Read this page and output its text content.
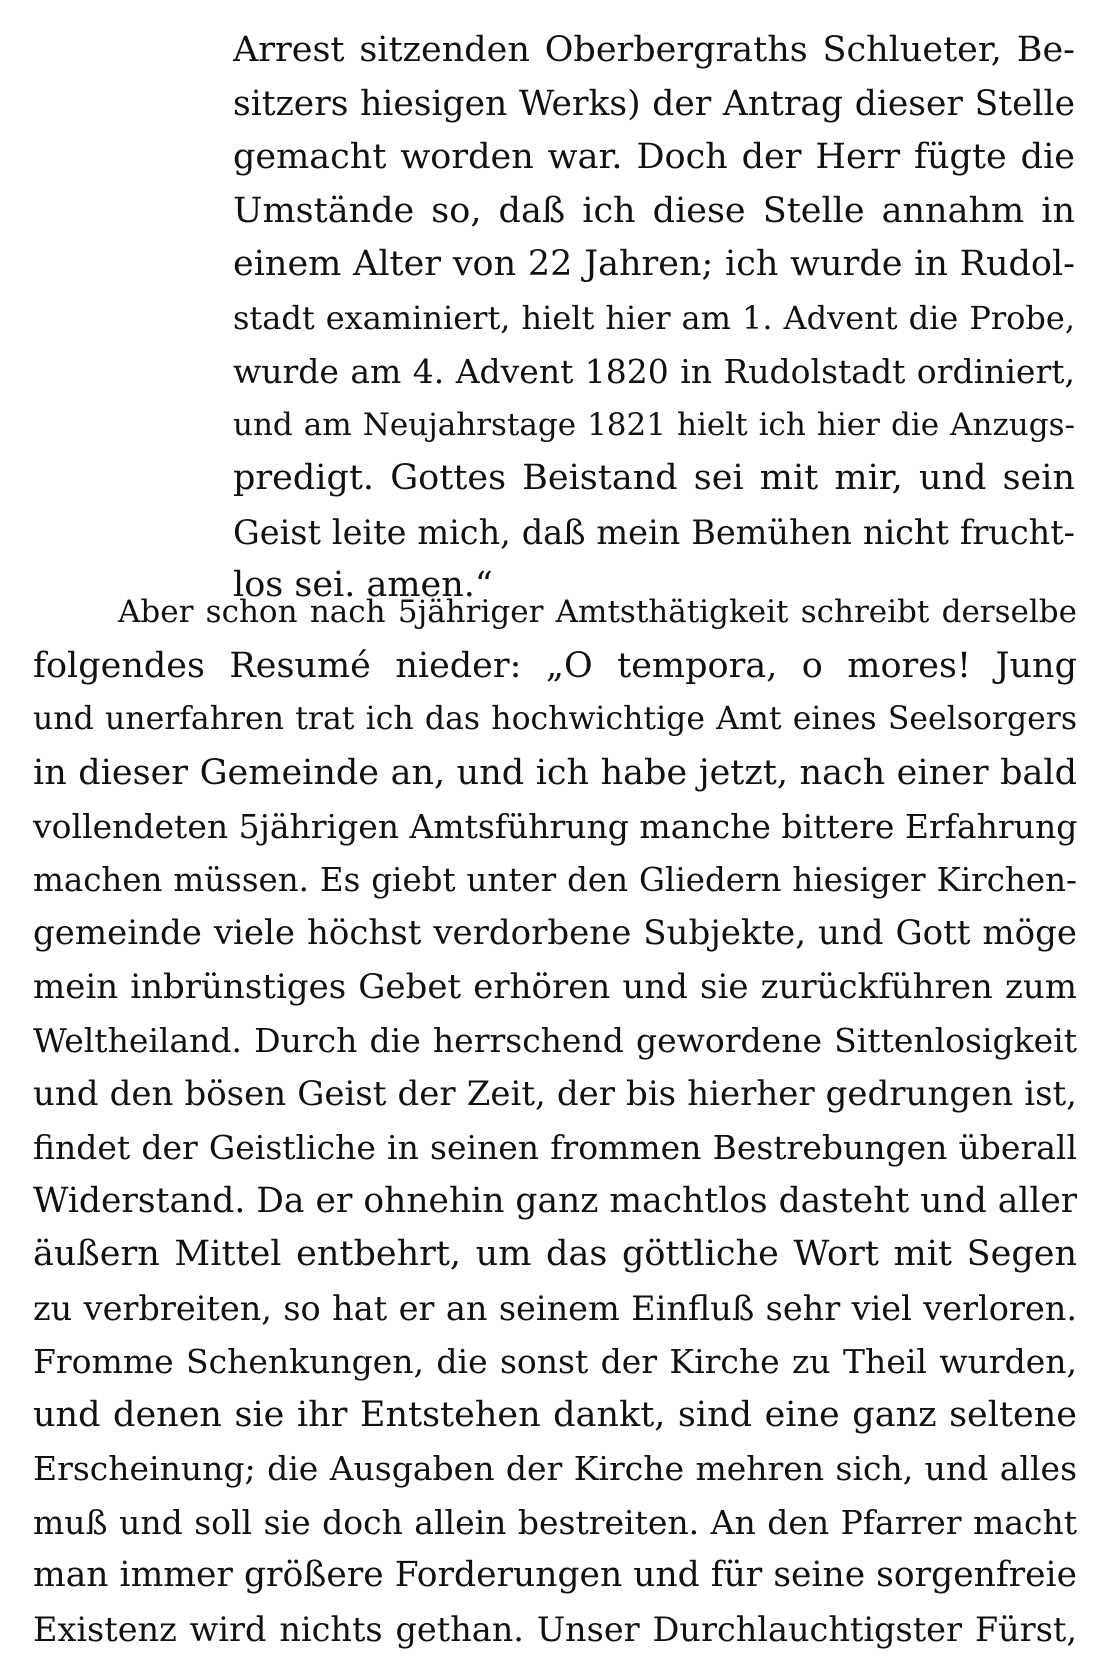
Arrest sitzenden Oberbergraths Schlueter, Be-
sitzers hiesigen Werks) der Antrag dieser Stelle
gemacht worden war. Doch der Herr fügte die
Umstände so, daß ich diese Stelle annahm in
einem Alter von 22 Jahren; ich wurde in Rudol-
stadt examiniert, hielt hier am 1. Advent die Probe,
wurde am 4. Advent 1820 in Rudolstadt ordiniert,
und am Neujahrstage 1821 hielt ich hier die Anzugs-
predigt. Gottes Beistand sei mit mir, und sein
Geist leite mich, daß mein Bemühen nicht frucht-
los sei. amen.“
Aber schon nach 5jähriger Amtsthätigkeit schreibt derselbe
folgendes Resumé nieder: „O tempora, o mores! Jung
und unerfahren trat ich das hochwichtige Amt eines Seelsorgers
in dieser Gemeinde an, und ich habe jetzt, nach einer bald
vollendeten 5jährigen Amtsführung manche bittere Erfahrung
machen müssen. Es giebt unter den Gliedern hiesiger Kirchen-
gemeinde viele höchst verdorbene Subjekte, und Gott möge
mein inbrünstiges Gebet erhören und sie zurückführen zum
Weltheiland. Durch die herrschend gewordene Sittenlosigkeit
und den bösen Geist der Zeit, der bis hierher gedrungen ist,
findet der Geistliche in seinen frommen Bestrebungen überall
Widerstand. Da er ohnehin ganz machtlos dasteht und aller
äußern Mittel entbehrt, um das göttliche Wort mit Segen
zu verbreiten, so hat er an seinem Einfluß sehr viel verloren.
Fromme Schenkungen, die sonst der Kirche zu Theil wurden,
und denen sie ihr Entstehen dankt, sind eine ganz seltene
Erscheinung; die Ausgaben der Kirche mehren sich, und alles
muß und soll sie doch allein bestreiten. An den Pfarrer macht
man immer größere Forderungen und für seine sorgenfreie
Existenz wird nichts gethan. Unser Durchlauchtigster Fürst,
